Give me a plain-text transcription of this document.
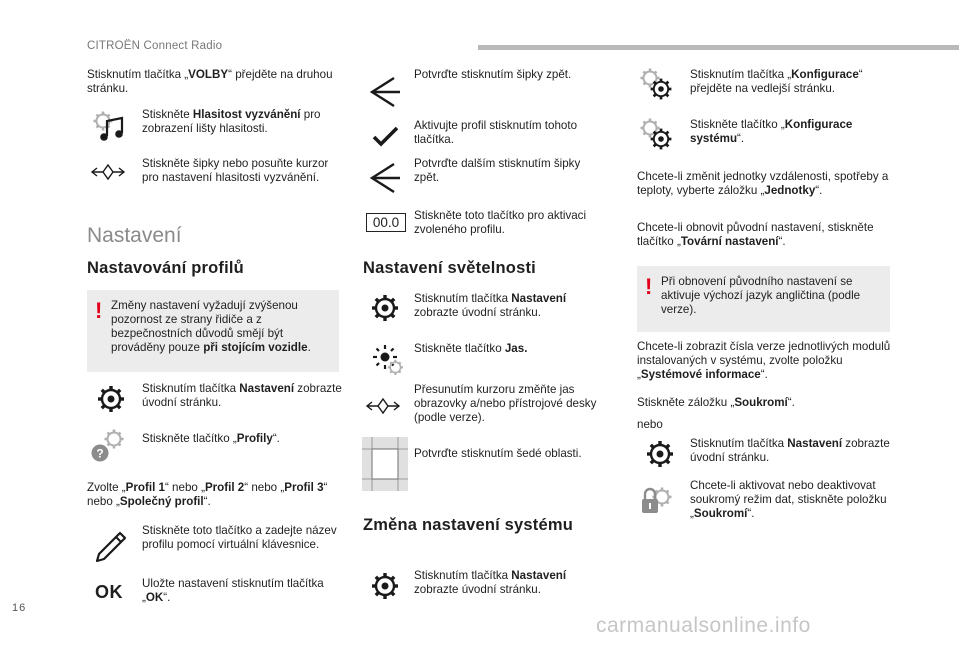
CITROËN Connect Radio
Stisknutím tlačítka „VOLBY“ přejděte na druhou stránku.
Stiskněte Hlasitost vyzvánění pro zobrazení lišty hlasitosti.
Stiskněte šipky nebo posuňte kurzor pro nastavení hlasitosti vyzvánění.
Nastavení
Nastavování profilů
! Změny nastavení vyžadují zvýšenou pozornost ze strany řidiče a z bezpečnostních důvodů smějí být prováděny pouze při stojícím vozidle.
Stisknutím tlačítka Nastavení zobrazte úvodní stránku.
?
Stiskněte tlačítko „Profily“.
Zvolte „Profil 1“ nebo „Profil 2“ nebo „Profil 3“ nebo „Společný profil“.
Stiskněte toto tlačítko a zadejte název profilu pomocí virtuální klávesnice.
OK Uložte nastavení stisknutím tlačítka „OK“.
Potvrďte stisknutím šipky zpět.
Aktivujte profil stisknutím tohoto tlačítka.
Potvrďte dalším stisknutím šipky zpět.
00.0	Stiskněte toto tlačítko pro aktivaci zvoleného profilu.
Nastavení světelnosti
Stisknutím tlačítka Nastavení zobrazte úvodní stránku.
Stiskněte tlačítko Jas.
Přesunutím kurzoru změňte jas obrazovky a/nebo přístrojové desky (podle verze).
Potvrďte stisknutím šedé oblasti.
Změna nastavení systému
Stisknutím tlačítka Nastavení zobrazte úvodní stránku.
Stisknutím tlačítka „Konfigurace“ přejděte na vedlejší stránku.
Stiskněte tlačítko „Konfigurace systému“.
Chcete-li změnit jednotky vzdálenosti, spotřeby a teploty, vyberte záložku „Jednotky“.
Chcete-li obnovit původní nastavení, stiskněte tlačítko „Tovární nastavení“.
! Při obnovení původního nastavení se aktivuje výchozí jazyk angličtina (podle verze).
Chcete-li zobrazit čísla verze jednotlivých modulů instalovaných v systému, zvolte položku „Systémové informace“.
Stiskněte záložku „Soukromí“.
nebo
Stisknutím tlačítka Nastavení zobrazte úvodní stránku.
Chcete-li aktivovat nebo deaktivovat soukromý režim dat, stiskněte položku „Soukromí“.
16
carmanualsonline.info
